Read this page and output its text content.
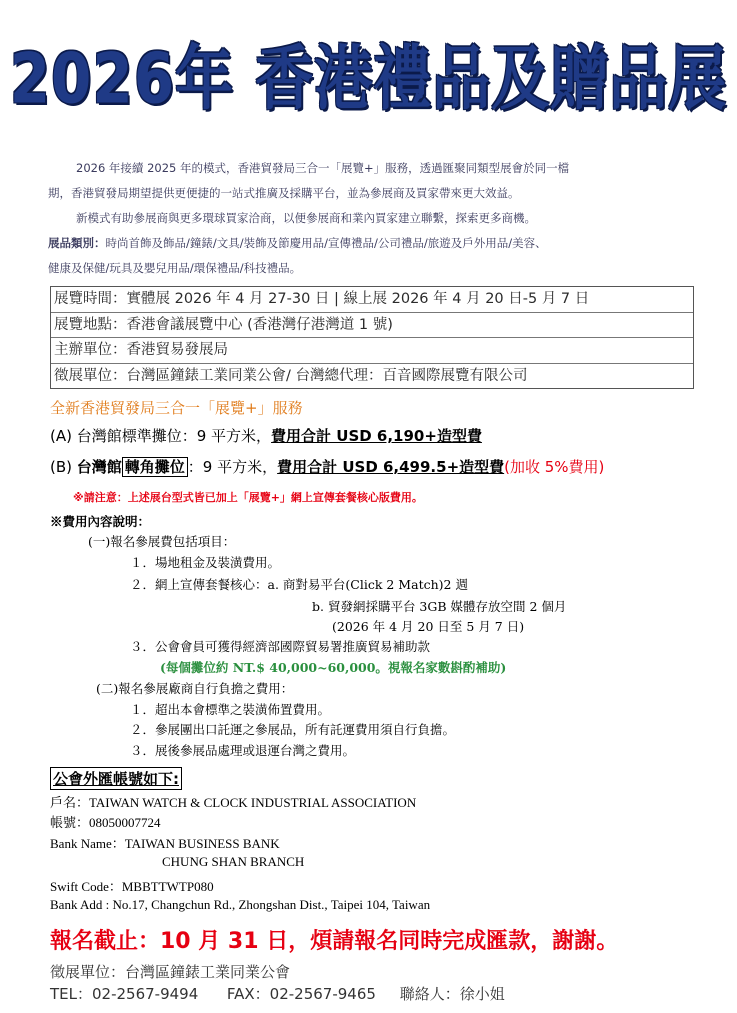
2026年 香港禮品及贈品展
2026 年接續 2025 年的模式，香港貿發局三合一「展覽+」服務，透過匯聚同類型展會於同一檔
期，香港貿發局期望提供更便捷的一站式推廣及採購平台，並為參展商及買家帶來更大效益。
新模式有助參展商與更多環球買家洽商，以便參展商和業內買家建立聯繫，探索更多商機。
展品類別：時尚首飾及飾品/鐘錶/文具/裝飾及節慶用品/宣傳禮品/公司禮品/旅遊及戶外用品/美容、
健康及保健/玩具及嬰兒用品/環保禮品/科技禮品。
展覽時間：實體展 2026 年 4 月 27-30 日 | 線上展 2026 年 4 月 20 日-5 月 7 日
展覽地點：香港會議展覽中心 (香港灣仔港灣道 1 號)
主辦單位：香港貿易發展局
徵展單位：台灣區鐘錶工業同業公會/ 台灣總代理：百音國際展覽有限公司
全新香港貿發局三合一「展覽+」服務
(A) 台灣館標準攤位：9 平方米，費用合計 USD 6,190+造型費
(B) 台灣館 轉角攤位 ：9 平方米，費用合計 USD 6,499.5+造型費(加收 5%費用)
※請注意：上述展台型式皆已加上「展覽+」網上宣傳套餐核心版費用。
※費用內容說明：
(一)報名參展費包括項目：
１．場地租金及裝潢費用。
２．網上宣傳套餐核心：a. 商對易平台(Click 2 Match)2 週
b. 貿發網採購平台 3GB 媒體存放空間 2 個月
(2026 年 4 月 20 日至 5 月 7 日)
３．公會會員可獲得經濟部國際貿易署推廣貿易補助款
(每個攤位約 NT.$ 40,000~60,000。視報名家數斟酌補助)
(二)報名參展廠商自行負擔之費用：
１．超出本會標準之裝潢佈置費用。
２．參展團出口託運之參展品，所有託運費用須自行負擔。
３．展後參展品處理或退運台灣之費用。
公會外匯帳號如下:
戶名：TAIWAN WATCH & CLOCK INDUSTRIAL ASSOCIATION
帳號：08050007724
Bank Name：TAIWAN BUSINESS BANK
CHUNG SHAN BRANCH
Swift Code：MBBTTWTP080
Bank Add : No.17, Changchun Rd., Zhongshan Dist., Taipei 104, Taiwan
報名截止：10 月 31 日，煩請報名同時完成匯款，謝謝。
徵展單位：台灣區鐘錶工業同業公會
TEL：02-2567-9494      FAX：02-2567-9465     聯絡人：徐小姐
